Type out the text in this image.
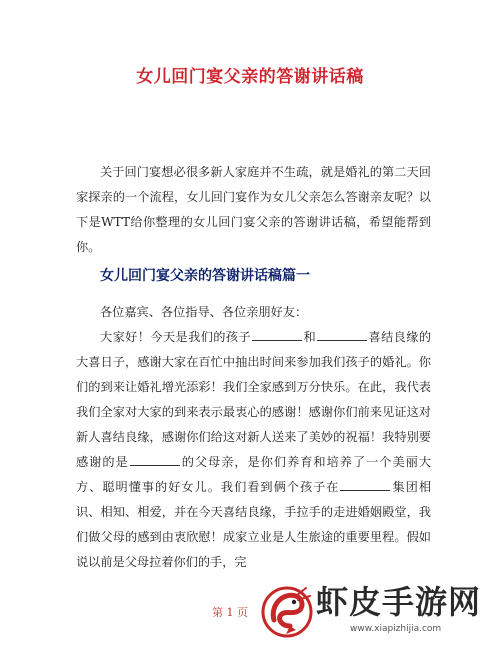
女儿回门宴父亲的答谢讲话稿

关于回门宴想必很多新人家庭并不生疏，就是婚礼的第二天回家探亲的一个流程，女儿回门宴作为女儿父亲怎么答谢亲友呢？以下是WTT给你整理的女儿回门宴父亲的答谢讲话稿，希望能帮到你。

女儿回门宴父亲的答谢讲话稿篇一

各位嘉宾、各位指导、各位亲朋好友：

大家好！今天是我们的孩子	和	喜结良缘的大喜日子，感谢大家在百忙中抽出时间来参加我们孩子的婚礼。你们的到来让婚礼增光添彩！我们全家感到万分快乐。在此，我代表我们全家对大家的到来表示最衷心的感谢！感谢你们前来见证这对新人喜结良缘，感谢你们给这对新人送来了美妙的祝福！我特别要感谢的是	的父母亲，是你们养育和培养了一个美丽大方、聪明懂事的好女儿。我们看到俩个孩子在	集团相识、相知、相爱，并在今天喜结良缘，手拉手的走进婚姻殿堂，我们做父母的感到由衷欣慰！成家立业是人生旅途的重要里程。假如说以前是父母拉着你们的手，完

第 1 页 虾皮手游网
www.xiapizhijia.com
